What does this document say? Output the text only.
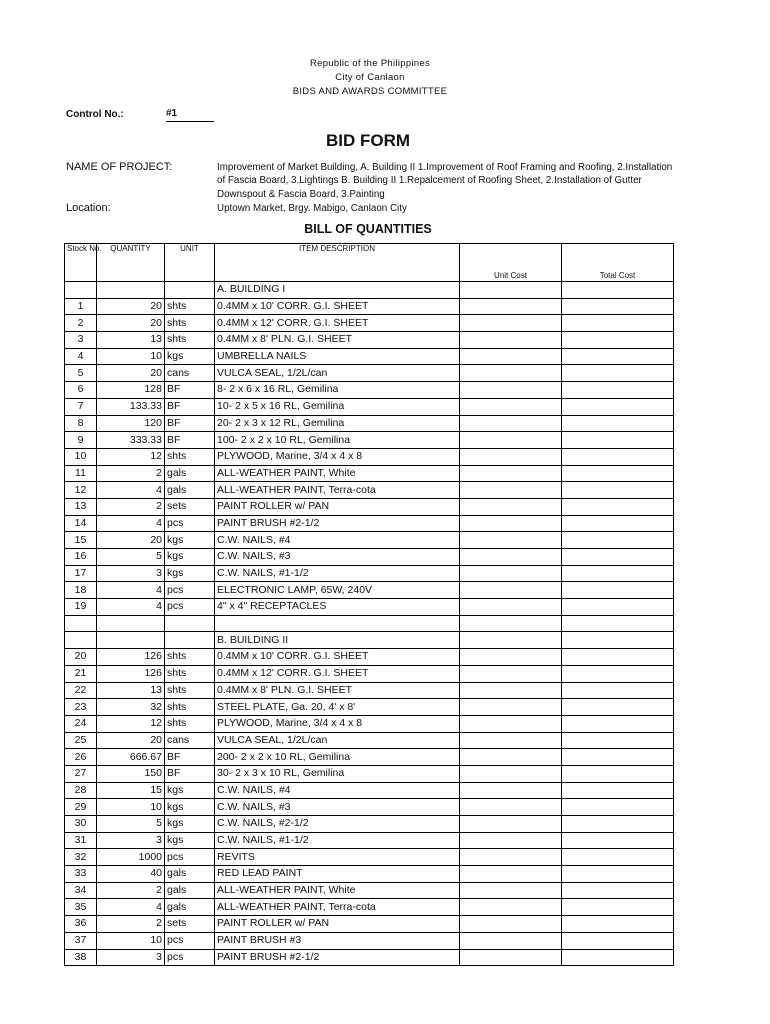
Republic of the Philippines
City of Canlaon
BIDS AND AWARDS COMMITTEE
Control No.:	#1
BID FORM
NAME OF PROJECT:	Improvement of Market Building, A. Building II 1.Improvement of Roof Framing and Roofing, 2.Installation of Fascia Board, 3.Lightings B. Building II 1.Repalcement of Roofing Sheet, 2.Installation of Gutter Downspout & Fascia Board, 3.Painting
Location:	Uptown Market, Brgy. Mabigo, Canlaon City
BILL OF QUANTITIES
Stock No.	QUANTITY	UNIT	ITEM DESCRIPTION	Unit Cost	Total Cost
			A. BUILDING I		
1	20	shts	0.4MM x 10' CORR. G.I. SHEET		
2	20	shts	0.4MM x 12' CORR. G.I. SHEET		
3	13	shts	0.4MM x 8' PLN. G.I. SHEET		
4	10	kgs	UMBRELLA NAILS		
5	20	cans	VULCA SEAL, 1/2L/can		
6	128	BF	8- 2 x 6 x 16 RL, Gemilina		
7	133.33	BF	10- 2 x 5 x 16 RL, Gemilina		
8	120	BF	20- 2 x 3 x 12 RL, Gemilina		
9	333.33	BF	100- 2 x 2 x 10 RL, Gemilina		
10	12	shts	PLYWOOD, Marine, 3/4 x 4 x 8		
11	2	gals	ALL-WEATHER PAINT, White		
12	4	gals	ALL-WEATHER PAINT, Terra-cota		
13	2	sets	PAINT ROLLER w/ PAN		
14	4	pcs	PAINT BRUSH #2-1/2		
15	20	kgs	C.W. NAILS, #4		
16	5	kgs	C.W. NAILS, #3		
17	3	kgs	C.W. NAILS, #1-1/2		
18	4	pcs	ELECTRONIC LAMP, 65W, 240V		
19	4	pcs	4" x 4" RECEPTACLES		

			B. BUILDING II		
20	126	shts	0.4MM x 10' CORR. G.I. SHEET		
21	126	shts	0.4MM x 12' CORR. G.I. SHEET		
22	13	shts	0.4MM x 8' PLN. G.I. SHEET		
23	32	shts	STEEL PLATE, Ga. 20, 4' x 8'		
24	12	shts	PLYWOOD, Marine, 3/4 x 4 x 8		
25	20	cans	VULCA SEAL, 1/2L/can		
26	666.67	BF	200- 2 x 2 x 10 RL, Gemilina		
27	150	BF	30- 2 x 3 x 10 RL, Gemilina		
28	15	kgs	C.W. NAILS, #4		
29	10	kgs	C.W. NAILS, #3		
30	5	kgs	C.W. NAILS, #2-1/2		
31	3	kgs	C.W. NAILS, #1-1/2		
32	1000	pcs	REVITS		
33	40	gals	RED LEAD PAINT		
34	2	gals	ALL-WEATHER PAINT, White		
35	4	gals	ALL-WEATHER PAINT, Terra-cota		
36	2	sets	PAINT ROLLER w/ PAN		
37	10	pcs	PAINT BRUSH #3		
38	3	pcs	PAINT BRUSH #2-1/2		
